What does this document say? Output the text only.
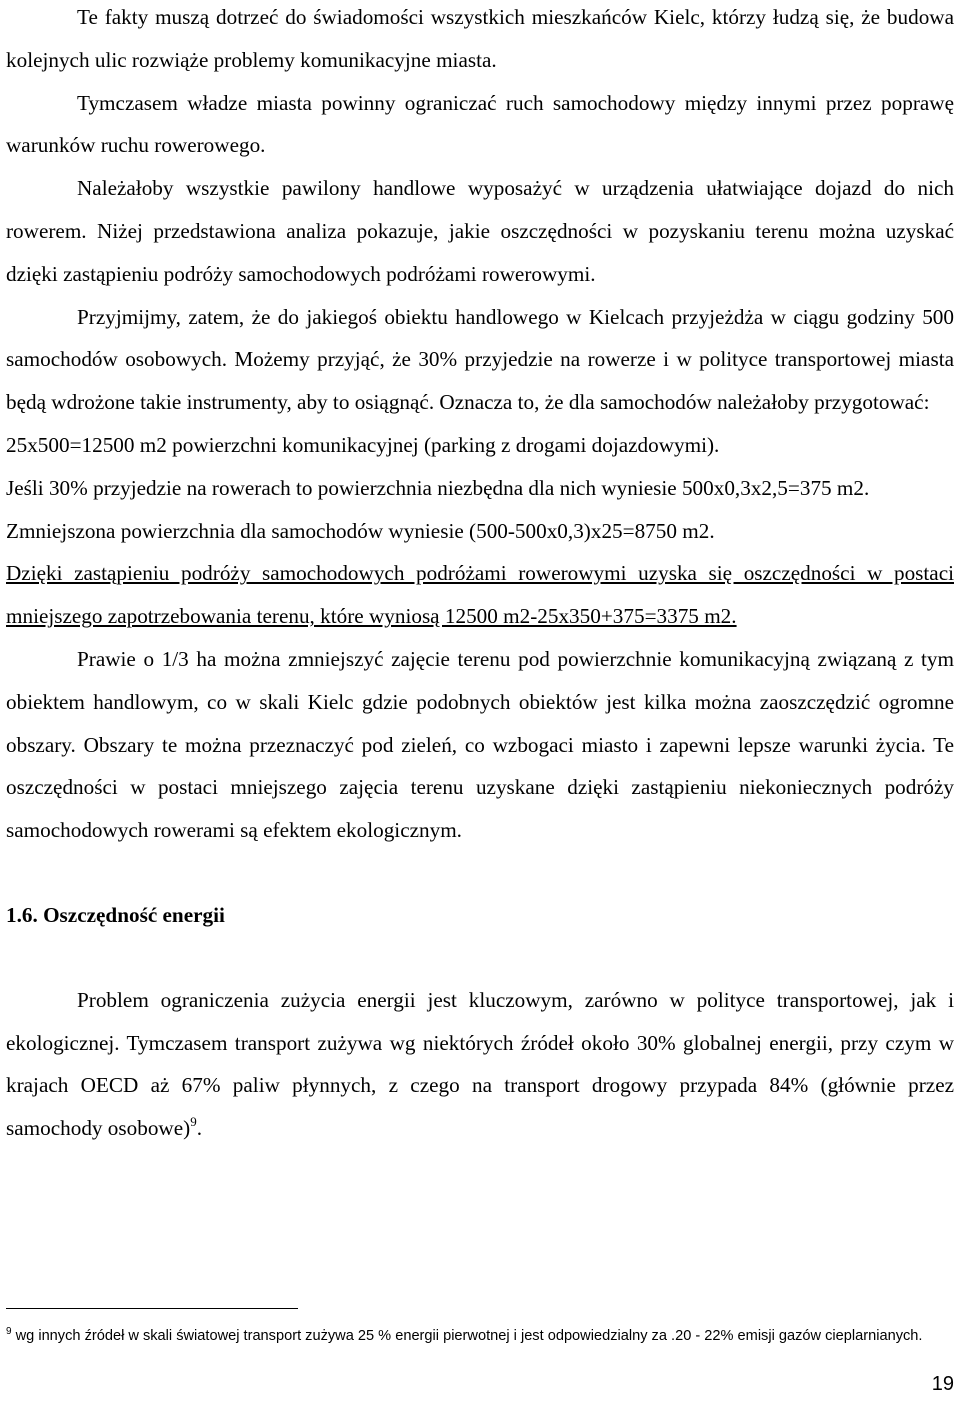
Te fakty muszą dotrzeć do świadomości wszystkich mieszkańców Kielc, którzy łudzą się, że budowa kolejnych ulic rozwiąże problemy komunikacyjne miasta.

Tymczasem władze miasta powinny ograniczać ruch samochodowy między innymi przez poprawę warunków ruchu rowerowego.

Należałoby wszystkie pawilony handlowe wyposażyć w urządzenia ułatwiające dojazd do nich rowerem. Niżej przedstawiona analiza pokazuje, jakie oszczędności w pozyskaniu terenu można uzyskać dzięki zastąpieniu podróży samochodowych podróżami rowerowymi.

Przyjmijmy, zatem, że do jakiegoś obiektu handlowego w Kielcach przyjeżdża w ciągu godziny 500 samochodów osobowych. Możemy przyjąć, że 30% przyjedzie na rowerze i w polityce transportowej miasta będą wdrożone takie instrumenty, aby to osiągnąć. Oznacza to, że dla samochodów należałoby przygotować:

25x500=12500 m2 powierzchni komunikacyjnej (parking z drogami dojazdowymi).

Jeśli 30% przyjedzie na rowerach to powierzchnia niezbędna dla nich wyniesie 500x0,3x2,5=375 m2.

Zmniejszona powierzchnia dla samochodów wyniesie (500-500x0,3)x25=8750 m2.

Dzięki zastąpieniu podróży samochodowych podróżami rowerowymi uzyska się oszczędności w postaci mniejszego zapotrzebowania terenu, które wyniosą 12500 m2-25x350+375=3375 m2.

Prawie o 1/3 ha można zmniejszyć zajęcie terenu pod powierzchnie komunikacyjną związaną z tym obiektem handlowym, co w skali Kielc gdzie podobnych obiektów jest kilka można zaoszczędzić ogromne obszary. Obszary te można przeznaczyć pod zieleń, co wzbogaci miasto i zapewni lepsze warunki życia. Te oszczędności w postaci mniejszego zajęcia terenu uzyskane dzięki zastąpieniu niekoniecznych podróży samochodowych rowerami są efektem ekologicznym.

1.6. Oszczędność energii

Problem ograniczenia zużycia energii jest kluczowym, zarówno w polityce transportowej, jak i ekologicznej. Tymczasem transport zużywa wg niektórych źródeł około 30% globalnej energii, przy czym w krajach OECD aż 67% paliw płynnych, z czego na transport drogowy przypada 84% (głównie przez samochody osobowe)$^9$.

$^9$ wg innych źródeł w skali światowej transport zużywa 25 % energii pierwotnej i jest odpowiedzialny za .20 - 22% emisji gazów cieplarnianych.

19
